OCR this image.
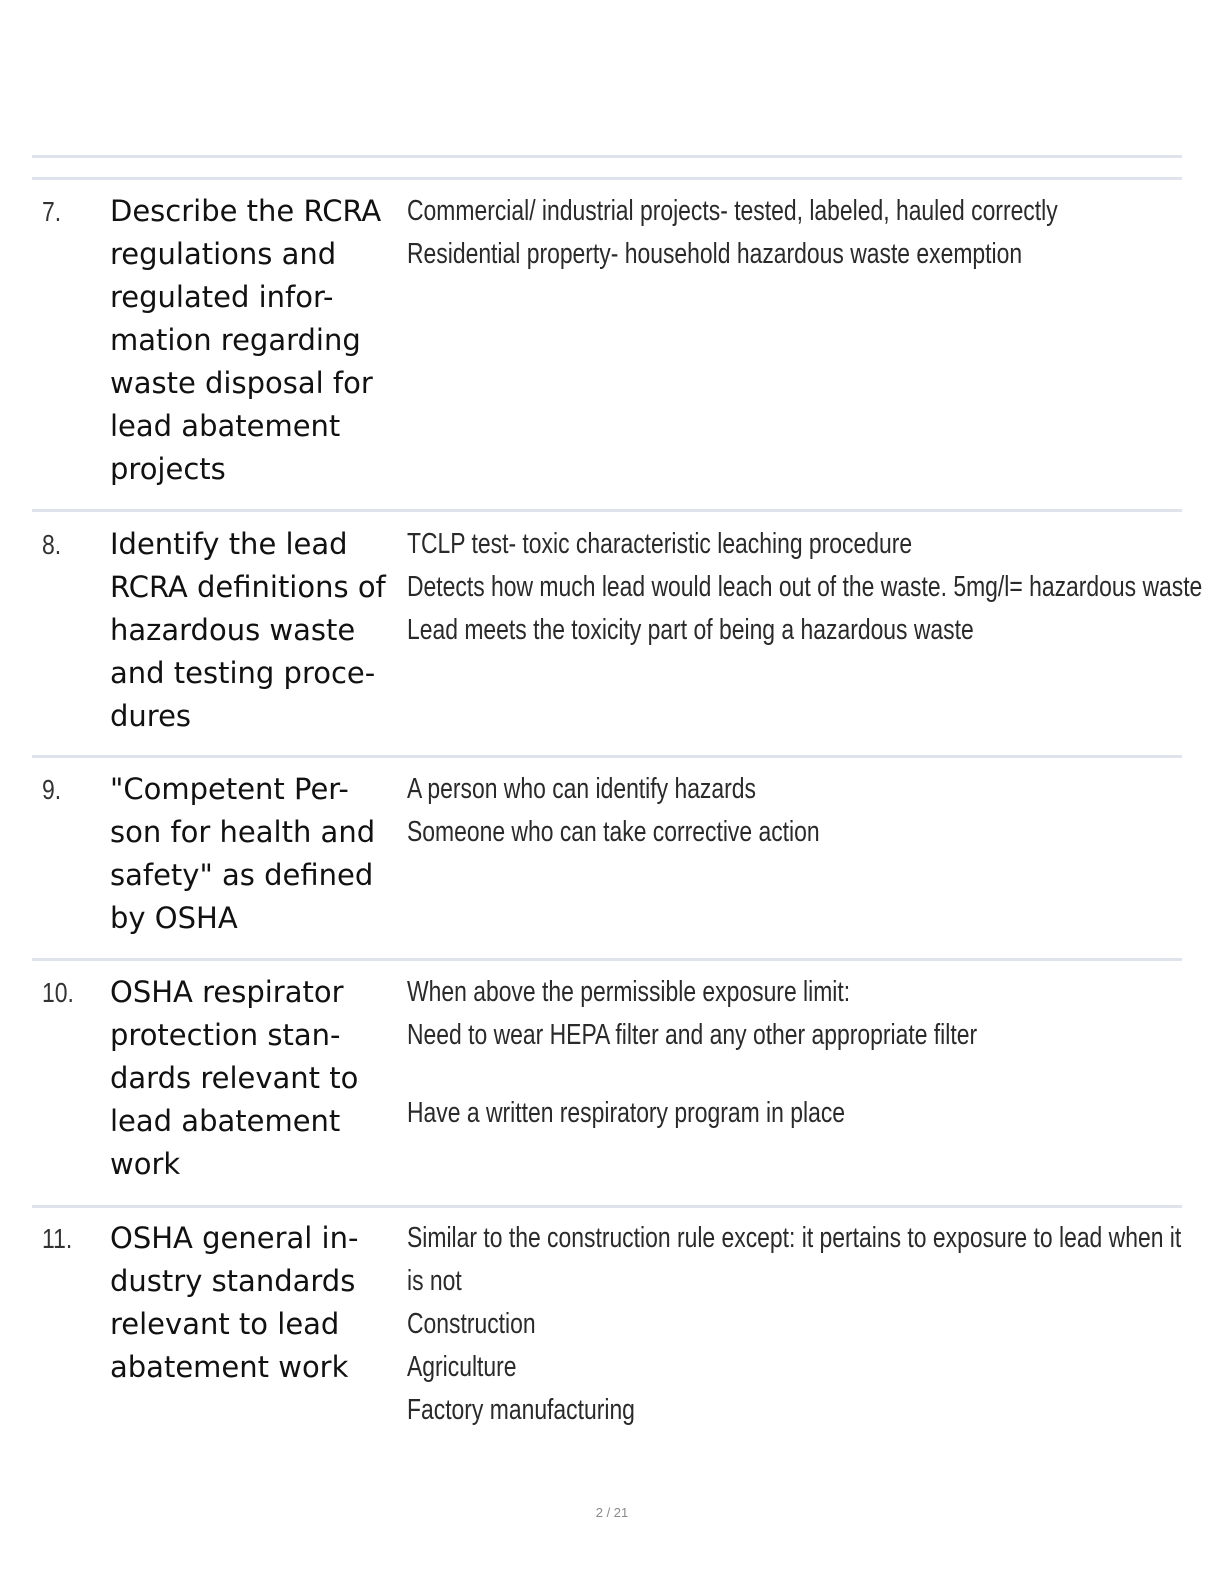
7. Describe the RCRA
regulations and
regulated infor-
mation regarding
waste disposal for
lead abatement
projects
Commercial/ industrial projects- tested, labeled, hauled correctly
Residential property- household hazardous waste exemption
8. Identify the lead
RCRA definitions of
hazardous waste
and testing proce-
dures
TCLP test- toxic characteristic leaching procedure
Detects how much lead would leach out of the waste. 5mg/l= hazardous waste
Lead meets the toxicity part of being a hazardous waste
9. "Competent Per-
son for health and
safety" as defined
by OSHA
A person who can identify hazards
Someone who can take corrective action
10. OSHA respirator
protection stan-
dards relevant to
lead abatement
work
When above the permissible exposure limit:
Need to wear HEPA filter and any other appropriate filter
Have a written respiratory program in place
11. OSHA general in-
dustry standards
relevant to lead
abatement work
Similar to the construction rule except: it pertains to exposure to lead when it
is not
Construction
Agriculture
Factory manufacturing
2 / 21
